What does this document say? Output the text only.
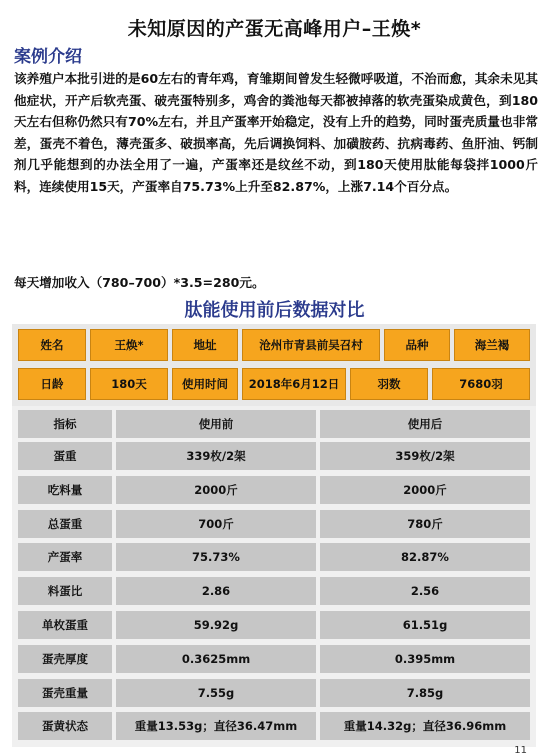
未知原因的产蛋无高峰用户–王焕*
案例介绍
该养殖户本批引进的是60左右的青年鸡，育雏期间曾发生轻微呼吸道，不治而愈，其余未见其他症状，开产后软壳蛋、破壳蛋特别多，鸡舍的粪池每天都被掉落的软壳蛋染成黄色，到180天左右但称仍然只有70%左右，并且产蛋率开始稳定，没有上升的趋势，同时蛋壳质量也非常差，蛋壳不着色，薄壳蛋多、破损率高，先后调换饲料、加磺胺药、抗病毒药、鱼肝油、钙制剂几乎能想到的办法全用了一遍，产蛋率还是纹丝不动，到180天使用肽能每袋拌1000斤料，连续使用15天，产蛋率自75.73%上升至82.87%，上涨7.14个百分点。
每天增加收入（780–700）*3.5=280元。
肽能使用前后数据对比
姓名	王焕*	地址	沧州市青县前吴召村	品种	海兰褐
日龄	180天	使用时间	2018年6月12日	羽数	7680羽
指标	使用前	使用后
蛋重	339枚/2架	359枚/2架
吃料量	2000斤	2000斤
总蛋重	700斤	780斤
产蛋率	75.73%	82.87%
料蛋比	2.86	2.56
单枚蛋重	59.92g	61.51g
蛋壳厚度	0.3625mm	0.395mm
蛋壳重量	7.55g	7.85g
蛋黄状态	重量13.53g；直径36.47mm	重量14.32g；直径36.96mm
11
